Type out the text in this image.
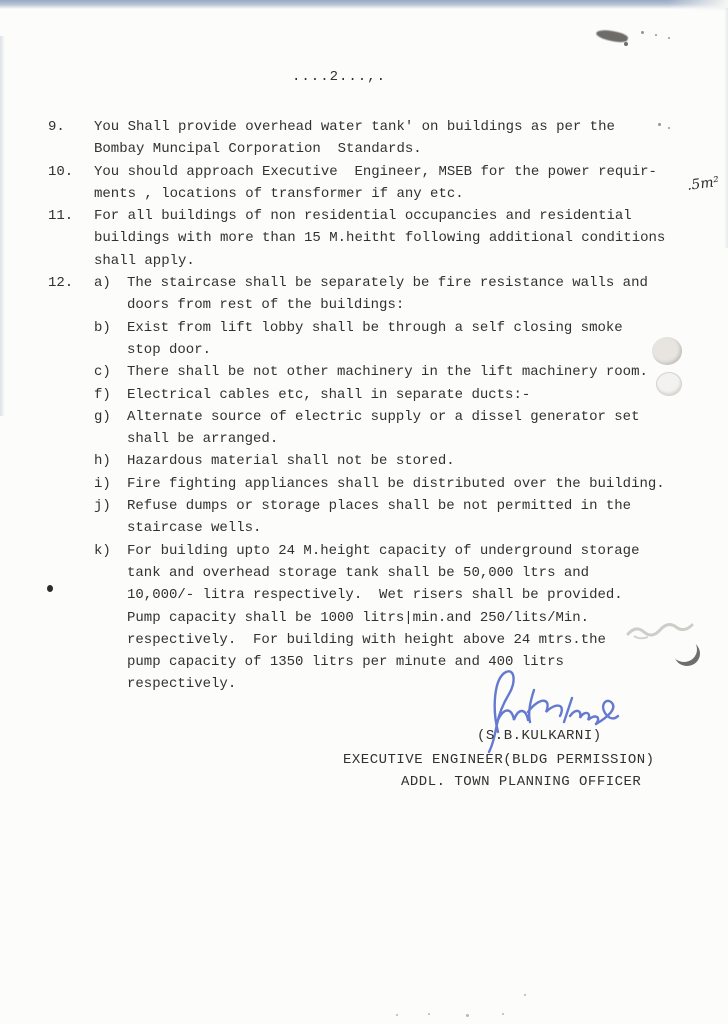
....2...,.
.5m²
9.	You Shall provide overhead water tank' on buildings as per the
Bombay Muncipal Corporation  Standards.
10.	You should approach Executive  Engineer, MSEB for the power requir-
ments , locations of transformer if any etc.
11.	For all buildings of non residential occupancies and residential
buildings with more than 15 M.heitht following additional conditions
shall apply.
12.	a)	The staircase shall be separately be fire resistance walls and
doors from rest of the buildings:
b)	Exist from lift lobby shall be through a self closing smoke
stop door.
c)	There shall be not other machinery in the lift machinery room.
f)	Electrical cables etc, shall in separate ducts:-
g)	Alternate source of electric supply or a dissel generator set
shall be arranged.
h)	Hazardous material shall not be stored.
i)	Fire fighting appliances shall be distributed over the building.
j)	Refuse dumps or storage places shall be not permitted in the
staircase wells.
k)	For building upto 24 M.height capacity of underground storage
tank and overhead storage tank shall be 50,000 ltrs and
10,000/- litra respectively.  Wet risers shall be provided.
Pump capacity shall be 1000 litrs|min.and 250/lits/Min.
respectively.  For building with height above 24 mtrs.the
pump capacity of 1350 litrs per minute and 400 litrs
respectively.
(S.B.KULKARNI)
EXECUTIVE ENGINEER(BLDG PERMISSION)
ADDL. TOWN PLANNING OFFICER
